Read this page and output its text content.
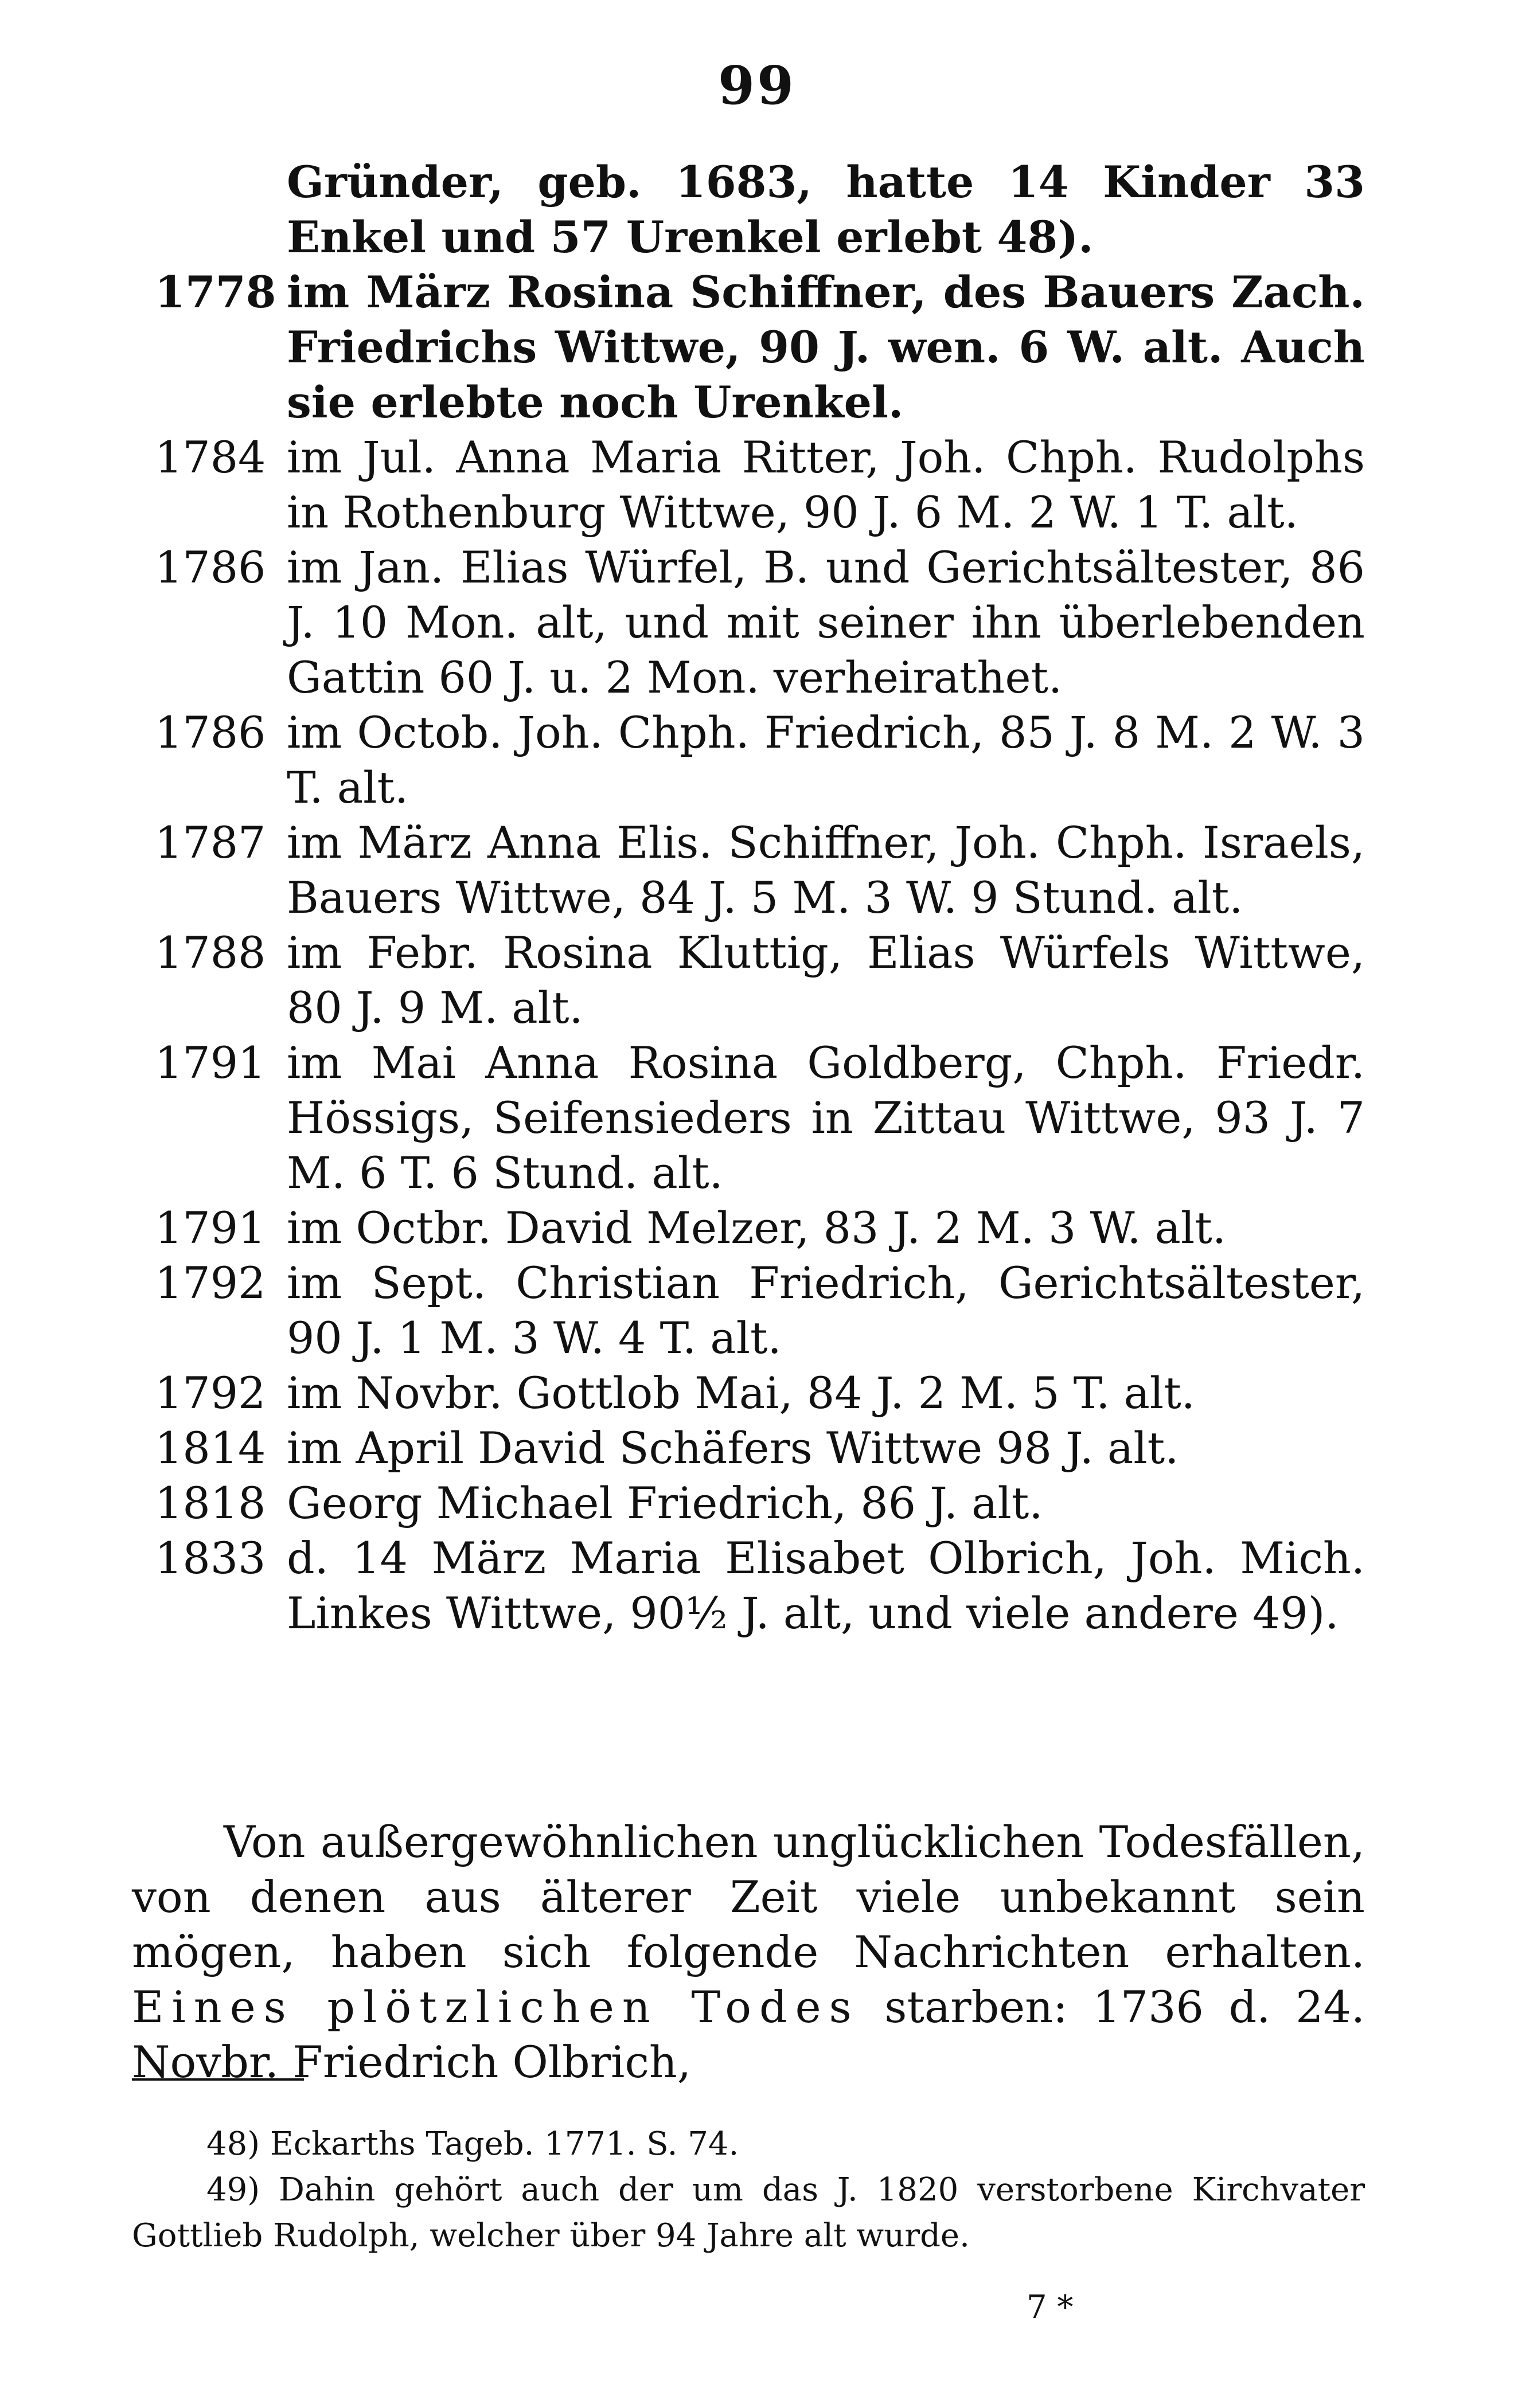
99
Gründer, geb. 1683, hatte 14 Kinder 33 Enkel und 57 Urenkel erlebt 48).
1778 im März Rosina Schiffner, des Bauers Zach. Friedrichs Wittwe, 90 J. wen. 6 W. alt. Auch sie erlebte noch Urenkel.
1784 im Jul. Anna Maria Ritter, Joh. Chph. Rudolphs in Rothenburg Wittwe, 90 J. 6 M. 2 W. 1 T. alt.
1786 im Jan. Elias Würfel, B. und Gerichtsältester, 86 J. 10 Mon. alt, und mit seiner ihn überlebenden Gattin 60 J. u. 2 Mon. verheirathet.
1786 im Octob. Joh. Chph. Friedrich, 85 J. 8 M. 2 W. 3 T. alt.
1787 im März Anna Elis. Schiffner, Joh. Chph. Israels, Bauers Wittwe, 84 J. 5 M. 3 W. 9 Stund. alt.
1788 im Febr. Rosina Kluttig, Elias Würfels Wittwe, 80 J. 9 M. alt.
1791 im Mai Anna Rosina Goldberg, Chph. Friedr. Hössigs, Seifensieders in Zittau Wittwe, 93 J. 7 M. 6 T. 6 Stund. alt.
1791 im Octbr. David Melzer, 83 J. 2 M. 3 W. alt.
1792 im Sept. Christian Friedrich, Gerichtsältester, 90 J. 1 M. 3 W. 4 T. alt.
1792 im Novbr. Gottlob Mai, 84 J. 2 M. 5 T. alt.
1814 im April David Schäfers Wittwe 98 J. alt.
1818 Georg Michael Friedrich, 86 J. alt.
1833 d. 14 März Maria Elisabet Olbrich, Joh. Mich. Linkes Wittwe, 90½ J. alt, und viele andere 49).
Von außergewöhnlichen unglücklichen Todesfällen, von denen aus älterer Zeit viele unbekannt sein mögen, haben sich folgende Nachrichten erhalten. Eines plötzlichen Todes starben: 1736 d. 24. Novbr. Friedrich Olbrich,
48) Eckarths Tageb. 1771. S. 74.
49) Dahin gehört auch der um das J. 1820 verstorbene Kirchvater Gottlieb Rudolph, welcher über 94 Jahre alt wurde.
7 *
